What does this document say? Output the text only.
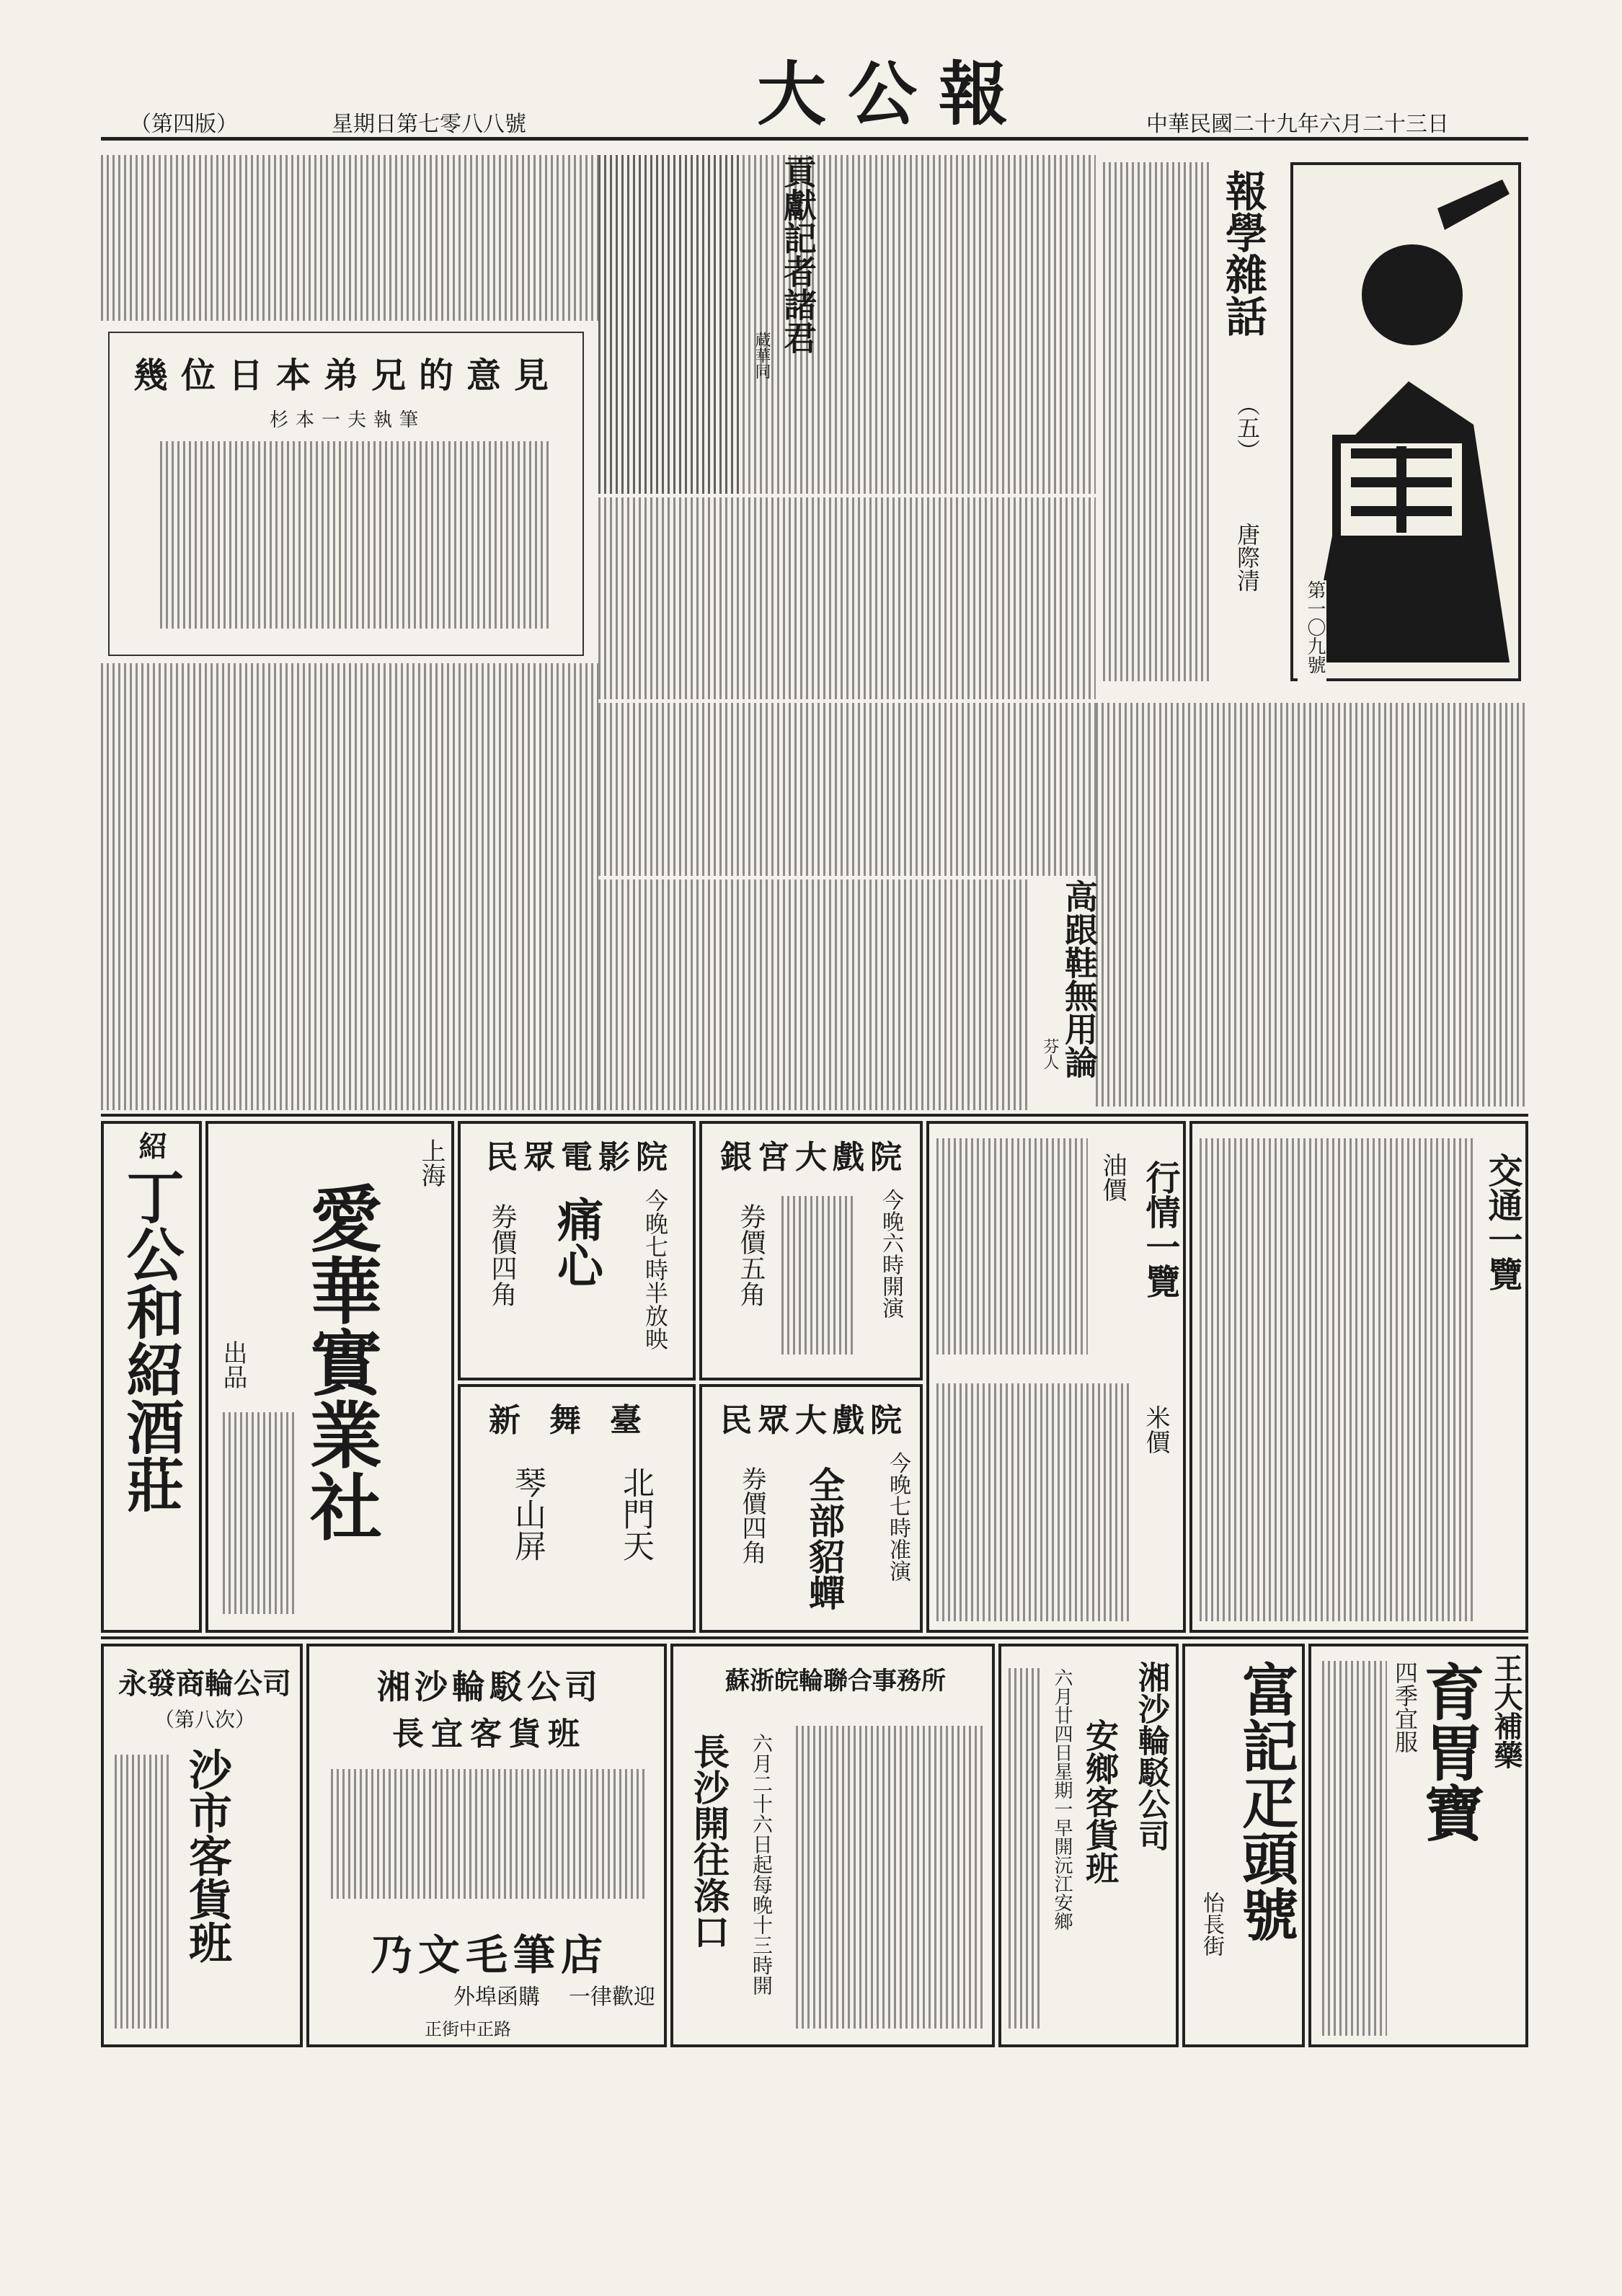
（第四版）	第七零八八號
星期日	大公報	中華民國二十九年六月二十三日
報學雜話
（五）
唐際清
第一〇九號
貢獻記者諸君
蔵華同
幾位日本弟兄的意見
杉本一夫執筆
高跟鞋無用論
芬人
丁公和紹酒莊
紹
愛華實業社
上海
出品
民眾電影院
痛心	今晚七時半放映
券價四角
新舞臺
北門天
琴山屏
銀宮大戲院
今晚六時開演
券價五角
民眾大戲院
今晚七時准演
全部貂蟬
券價四角
行情一覽
油價
米價
交通一覽
永發商輪公司
（第八次）
沙市客貨班
湘沙輪駁公司
長宜客貨班
乃文毛筆店
外埠函購 一律歡迎
正街中正路
蘇浙皖輪聯合事務所
長沙開往涤口 六月二十六日起每晚十三時開	湘沙輪駁公司
安鄉客貨班
六月廿四日星期一早開沅江安鄉	富記疋頭號
怡長街
王大補藥
育胃寶
四季宜服
